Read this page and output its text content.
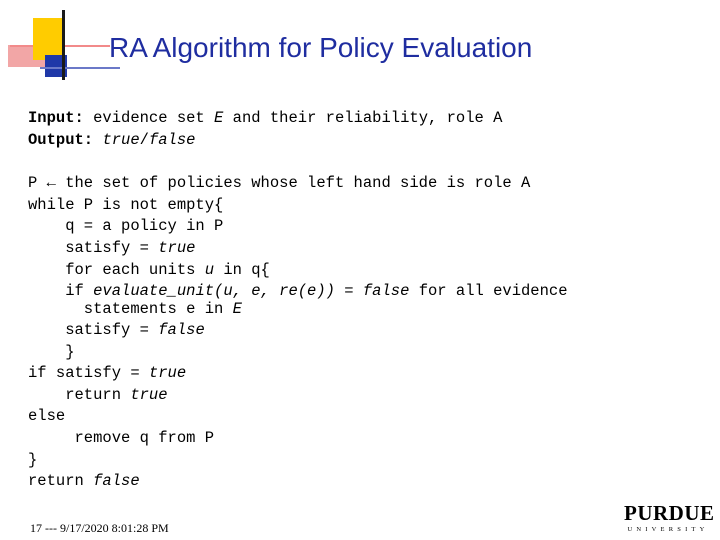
RA Algorithm for Policy Evaluation
Input: evidence set E and their reliability, role A
Output: true/false
P ← the set of policies whose left hand side is role A
while P is not empty{
q = a policy in P
satisfy = true
for each units u in q{
if evaluate_unit(u, e, re(e)) = false for all evidence
statements e in E
satisfy = false
}
if satisfy = true
return true
else
remove q from P
}
return false
17 --- 9/17/2020 8:01:28 PM
PURDUE
UNIVERSITY
